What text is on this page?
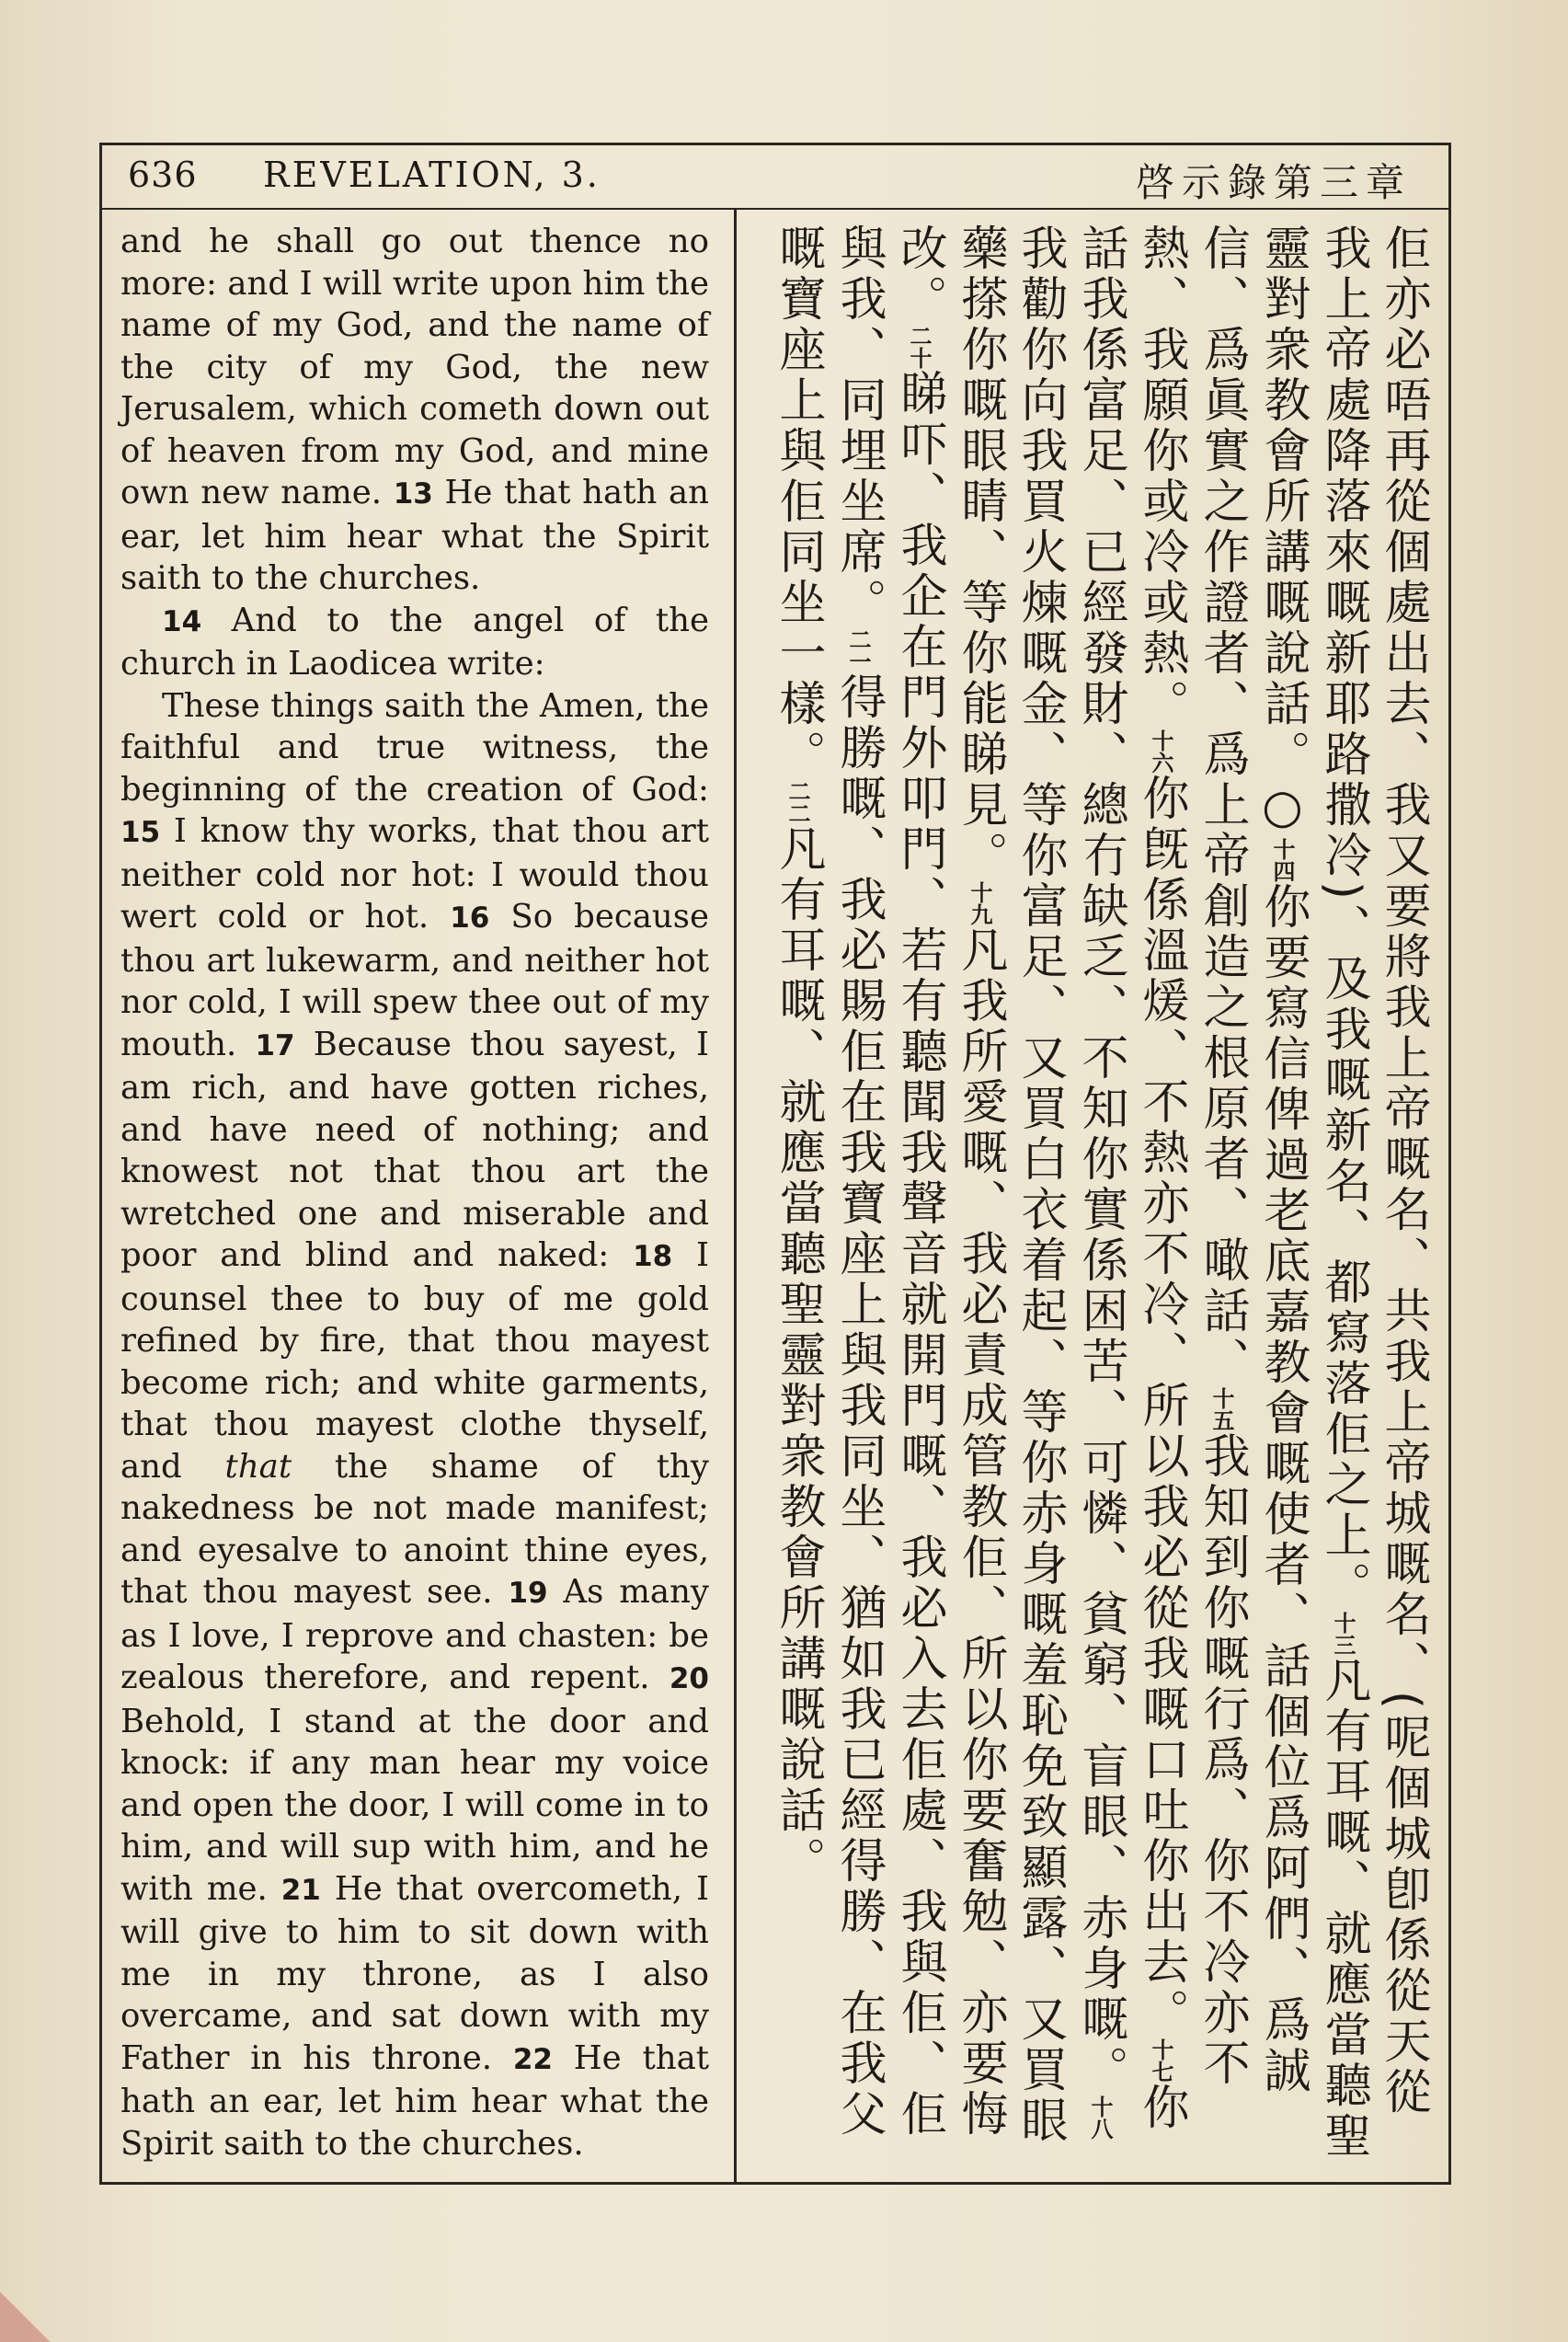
636 REVELATION, 3.	啓示錄第三章

and he shall go out thence no more: and I will write upon him the name of my God, and the name of the city of my God, the new Jerusalem, which cometh down out of heaven from my God, and mine own new name. 13 He that hath an ear, let him hear what the Spirit saith to the churches.

14 And to the angel of the church in Laodicea write:

These things saith the Amen, the faithful and true witness, the beginning of the creation of God: 15 I know thy works, that thou art neither cold nor hot: I would thou wert cold or hot. 16 So because thou art lukewarm, and neither hot nor cold, I will spew thee out of my mouth. 17 Because thou sayest, I am rich, and have gotten riches, and have need of nothing; and knowest not that thou art the wretched one and miserable and poor and blind and naked: 18 I counsel thee to buy of me gold refined by fire, that thou mayest become rich; and white garments, that thou mayest clothe thyself, and that the shame of thy nakedness be not made manifest; and eyesalve to anoint thine eyes, that thou mayest see. 19 As many as I love, I reprove and chasten: be zealous therefore, and repent. 20 Behold, I stand at the door and knock: if any man hear my voice and open the door, I will come in to him, and will sup with him, and he with me. 21 He that overcometh, I will give to him to sit down with me in my throne, as I also overcame, and sat down with my Father in his throne. 22 He that hath an ear, let him hear what the Spirit saith to the churches.

佢亦必唔再從個處出去、我又要將我上帝嘅名、共我上帝城嘅名、(呢個城卽係從天從我上帝處降落來嘅新耶路撒冷)、及我嘅新名、都寫落佢之上。十三凡有耳嘅、就應當聽聖靈對衆教會所講嘅說話。○十四你要寫信俾過老底嘉教會嘅使者、話個位爲阿們、爲誠信、爲眞實之作證者、爲上帝創造之根原者、噉話、十五我知到你嘅行爲、你不冷亦不熱、我願你或冷或熱。十六你旣係溫煖、不熱亦不冷、所以我必從我嘅口吐你出去。十七你話我係富足、已經發財、總冇缺乏、不知你實係困苦、可憐、貧窮、盲眼、赤身嘅。十八我勸你向我買火煉嘅金、等你富足、又買白衣着起、等你赤身嘅羞恥免致顯露、又買眼藥搽你嘅眼睛、等你能睇見。十九凡我所愛嘅、我必責成管教佢、所以你要奮勉、亦要悔改。二十睇吓、我企在門外叩門、若有聽聞我聲音就開門嘅、我必入去佢處、我與佢、佢與我、同埋坐席。二一得勝嘅、我必賜佢在我寶座上與我同坐、猶如我已經得勝、在我父嘅寶座上與佢同坐一樣。二二凡有耳嘅、就應當聽聖靈對衆教會所講嘅說話。
